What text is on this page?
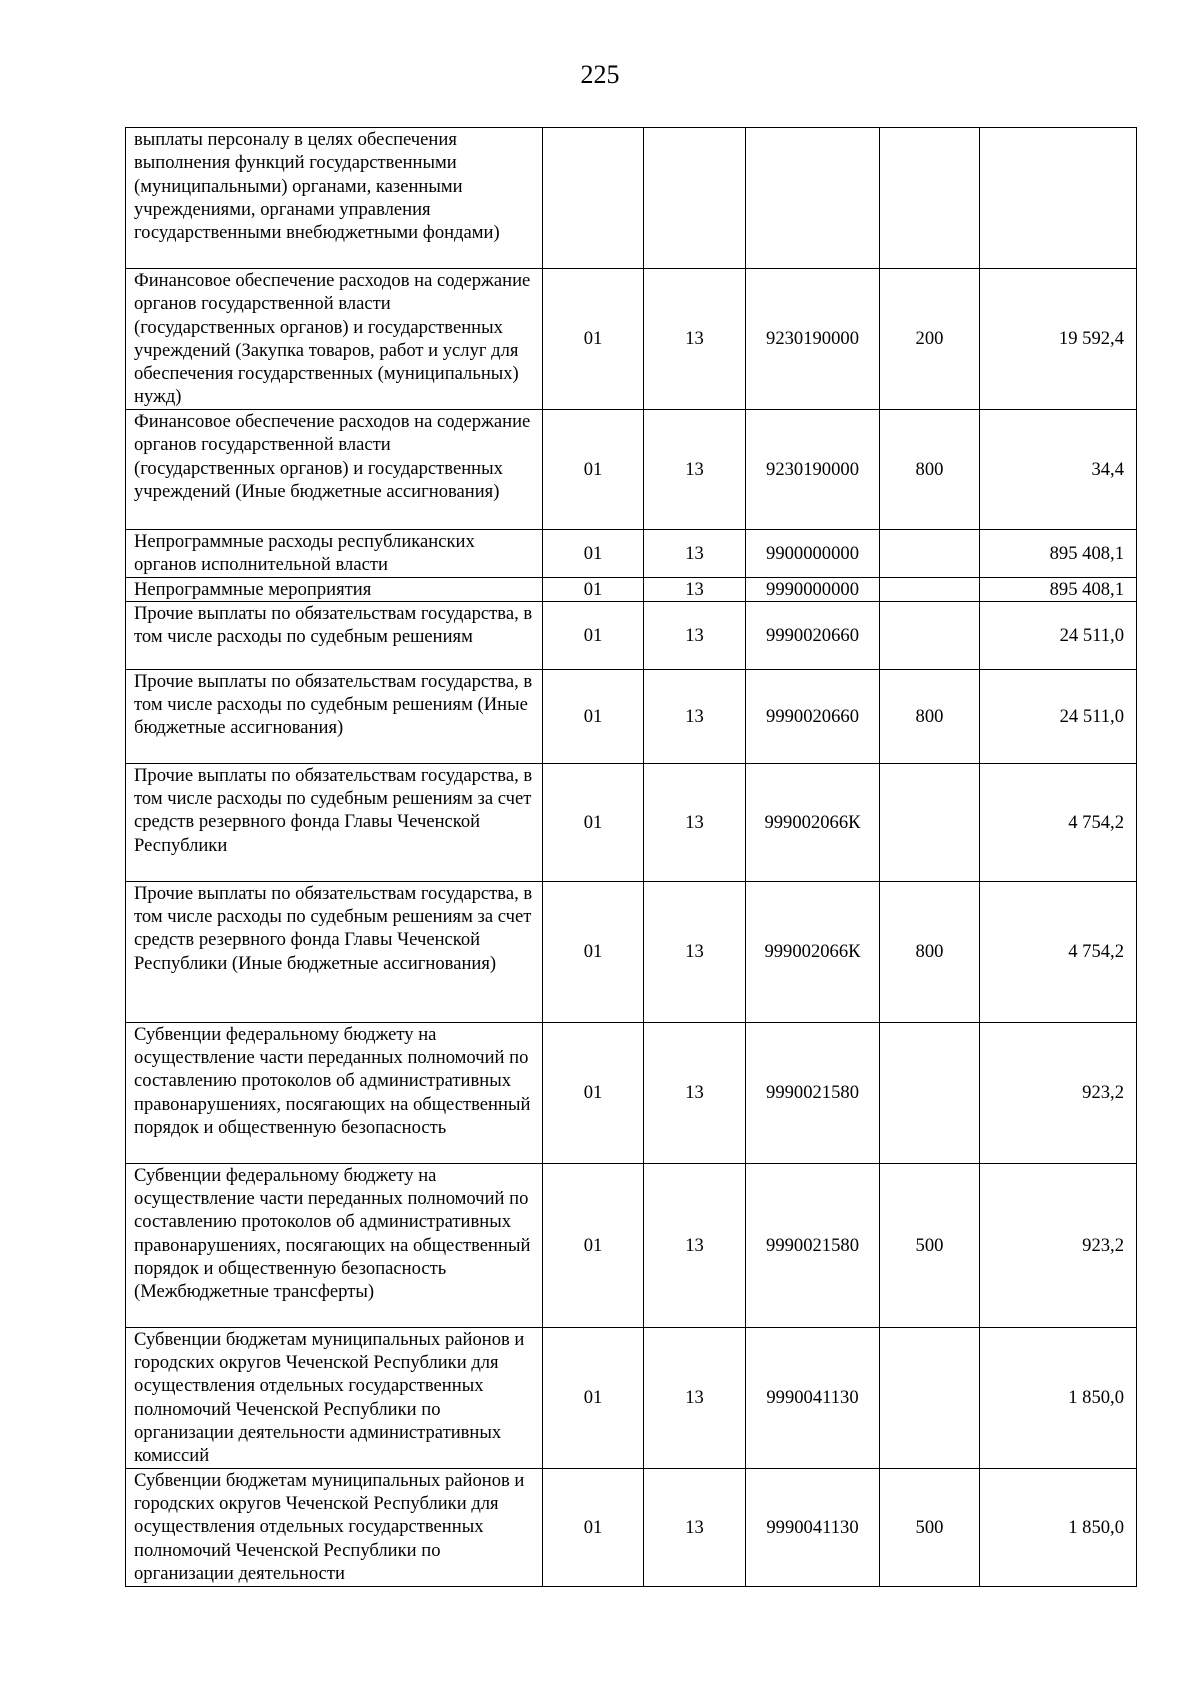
225
выплаты персоналу в целях обеспечения выполнения функций государственными (муниципальными) органами, казенными учреждениями, органами управления государственными внебюджетными фондами)					
Финансовое обеспечение расходов на содержание органов государственной власти (государственных органов) и государственных учреждений (Закупка товаров, работ и услуг для обеспечения государственных (муниципальных) нужд)	01	13	9230190000	200	19 592,4
Финансовое обеспечение расходов на содержание органов государственной власти (государственных органов) и государственных учреждений (Иные бюджетные ассигнования)	01	13	9230190000	800	34,4
Непрограммные расходы республиканских органов исполнительной власти	01	13	9900000000		895 408,1
Непрограммные мероприятия	01	13	9990000000		895 408,1
Прочие выплаты по обязательствам государства, в том числе расходы по судебным решениям	01	13	9990020660		24 511,0
Прочие выплаты по обязательствам государства, в том числе расходы по судебным решениям (Иные бюджетные ассигнования)	01	13	9990020660	800	24 511,0
Прочие выплаты по обязательствам государства, в том числе расходы по судебным решениям за счет средств резервного фонда Главы Чеченской Республики	01	13	999002066К		4 754,2
Прочие выплаты по обязательствам государства, в том числе расходы по судебным решениям за счет средств резервного фонда Главы Чеченской Республики (Иные бюджетные ассигнования)	01	13	999002066К	800	4 754,2
Субвенции федеральному бюджету на осуществление части переданных полномочий по составлению протоколов об административных правонарушениях, посягающих на общественный порядок и общественную безопасность	01	13	9990021580		923,2
Субвенции федеральному бюджету на осуществление части переданных полномочий по составлению протоколов об административных правонарушениях, посягающих на общественный порядок и общественную безопасность (Межбюджетные трансферты)	01	13	9990021580	500	923,2
Субвенции бюджетам муниципальных районов и городских округов Чеченской Республики для осуществления отдельных государственных полномочий Чеченской Республики по организации деятельности административных комиссий	01	13	9990041130		1 850,0
Субвенции бюджетам муниципальных районов и городских округов Чеченской Республики для осуществления отдельных государственных полномочий Чеченской Республики по организации деятельности	01	13	9990041130	500	1 850,0
